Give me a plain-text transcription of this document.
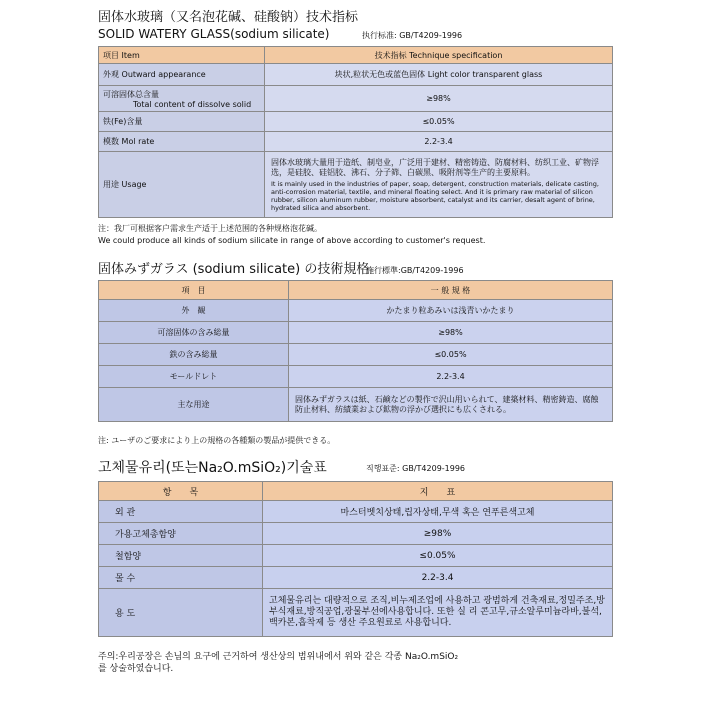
固体水玻璃（又名泡花碱、硅酸钠）技术指标
SOLID WATERY GLASS(sodium silicate)	执行标准: GB/T4209-1996
项目 Item	技术指标 Technique specification
外观 Outward appearance	块状,粒状无色或蓝色固体 Light color transparent glass

可溶固体总含量
Total content of dissolve solid	≥98%
铁(Fe)含量	≤0.05%
模数 Mol rate	2.2-3.4
用途 Usage	固体水玻璃大量用于造纸、制皂业，广泛用于建材、精密铸造、防腐材料、纺织工业、矿物浮选，是硅胶、硅铝胶、沸石、分子筛、白碳黑、吸附剂等生产的主要原料。
It is mainly used in the industries of paper, soap, detergent, construction materials, delicate casting, anti-corrosion material, textile, and mineral floating select. And it is primary raw material of silicon rubber, silicon aluminum rubber, moisture absorbent, catalyst and its carrier, desalt agent of brine, hydrated silica and absorbent.
注：我厂可根据客户需求生产适于上述范围的各种规格泡花碱。
We could produce all kinds of sodium silicate in range of above according to customer's request.
固体みずガラス (sodium silicate) の技術規格
施行標準:GB/T4209-1996
項　目	一 般 規 格
外　観	かたまり粒あみいは浅青いかたまり
可溶固体の含み総量	≥98%
鉄の含み総量	≤0.05%
モールドレト	2.2-3.4
主な用途	固体みずガラスは紙、石鹸などの製作で沢山用いられて、建築材料、精密鋳造、腐蝕防止材料、紡績業および鉱物の浮かび選択にも広くされる。
注: ユーザのご要求により上の規格の各種類の製品が提供できる。
고체물유리(또는Na₂O.mSiO₂)기술표	직행표준: GB/T4209-1996
항　　목	지　　표
외 관	마스터벳치상태,립자상태,무색 혹은 연푸른색고체
가용고체총함양	≥98%
철함양	≤0.05%
몰 수	2.2-3.4
용 도	고체물유리는 대량적으로 조직,비누제조업에 사용하고 광범하게 건축재료,정밀주조,방부식재료,방직공업,광물부선에사용합니다. 또한 실 리 콘고무,규소알루미늄라바,불석,백카본,흡착제 등 생산 주요원료로 사용합니다.
주의:우리공장은 손님의 요구에 근거하여 생산상의 범위내에서 위와 같은 각종 Na₂O.mSiO₂
를 상술하였습니다.
